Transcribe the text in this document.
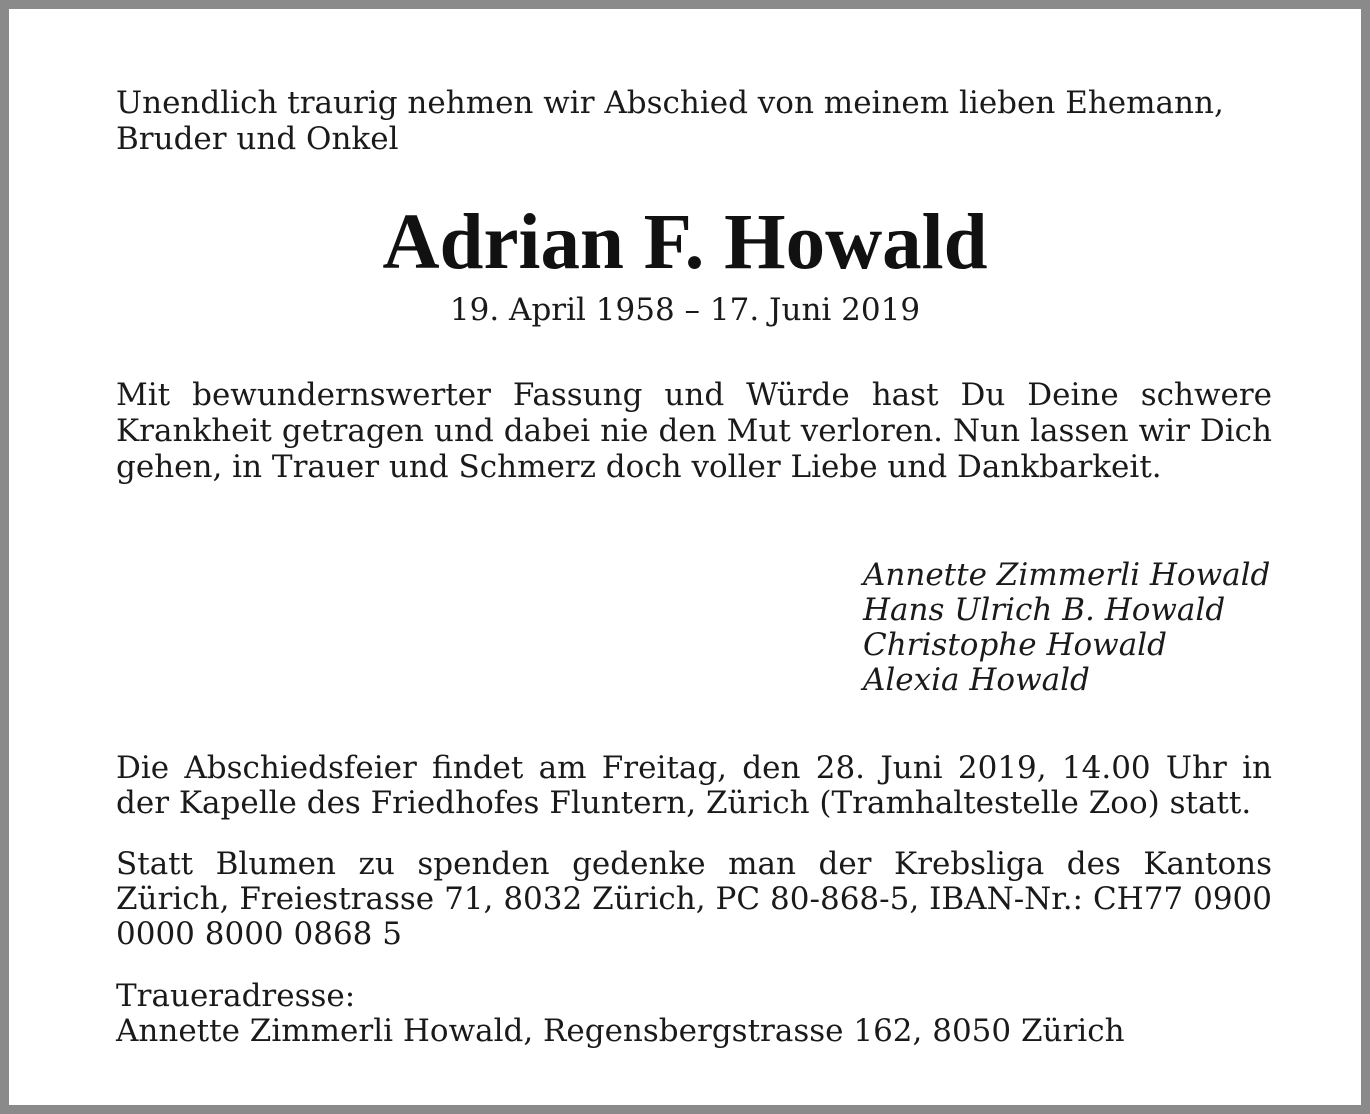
Unendlich traurig nehmen wir Abschied von meinem lieben Ehemann,
Bruder und Onkel
Adrian F. Howald
19. April 1958 – 17. Juni 2019
Mit bewundernswerter Fassung und Würde hast Du Deine schwere Krankheit getragen und dabei nie den Mut verloren. Nun lassen wir Dich gehen, in Trauer und Schmerz doch voller Liebe und Dankbarkeit.
Annette Zimmerli Howald
Hans Ulrich B. Howald
Christophe Howald
Alexia Howald
Die Abschiedsfeier findet am Freitag, den 28. Juni 2019, 14.00 Uhr in der Kapelle des Friedhofes Fluntern, Zürich (Tramhaltestelle Zoo) statt.
Statt Blumen zu spenden gedenke man der Krebsliga des Kantons Zürich, Freiestrasse 71, 8032 Zürich, PC 80-868-5, IBAN-Nr.: CH77 0900 0000 8000 0868 5
Traueradresse:
Annette Zimmerli Howald, Regensbergstrasse 162, 8050 Zürich
